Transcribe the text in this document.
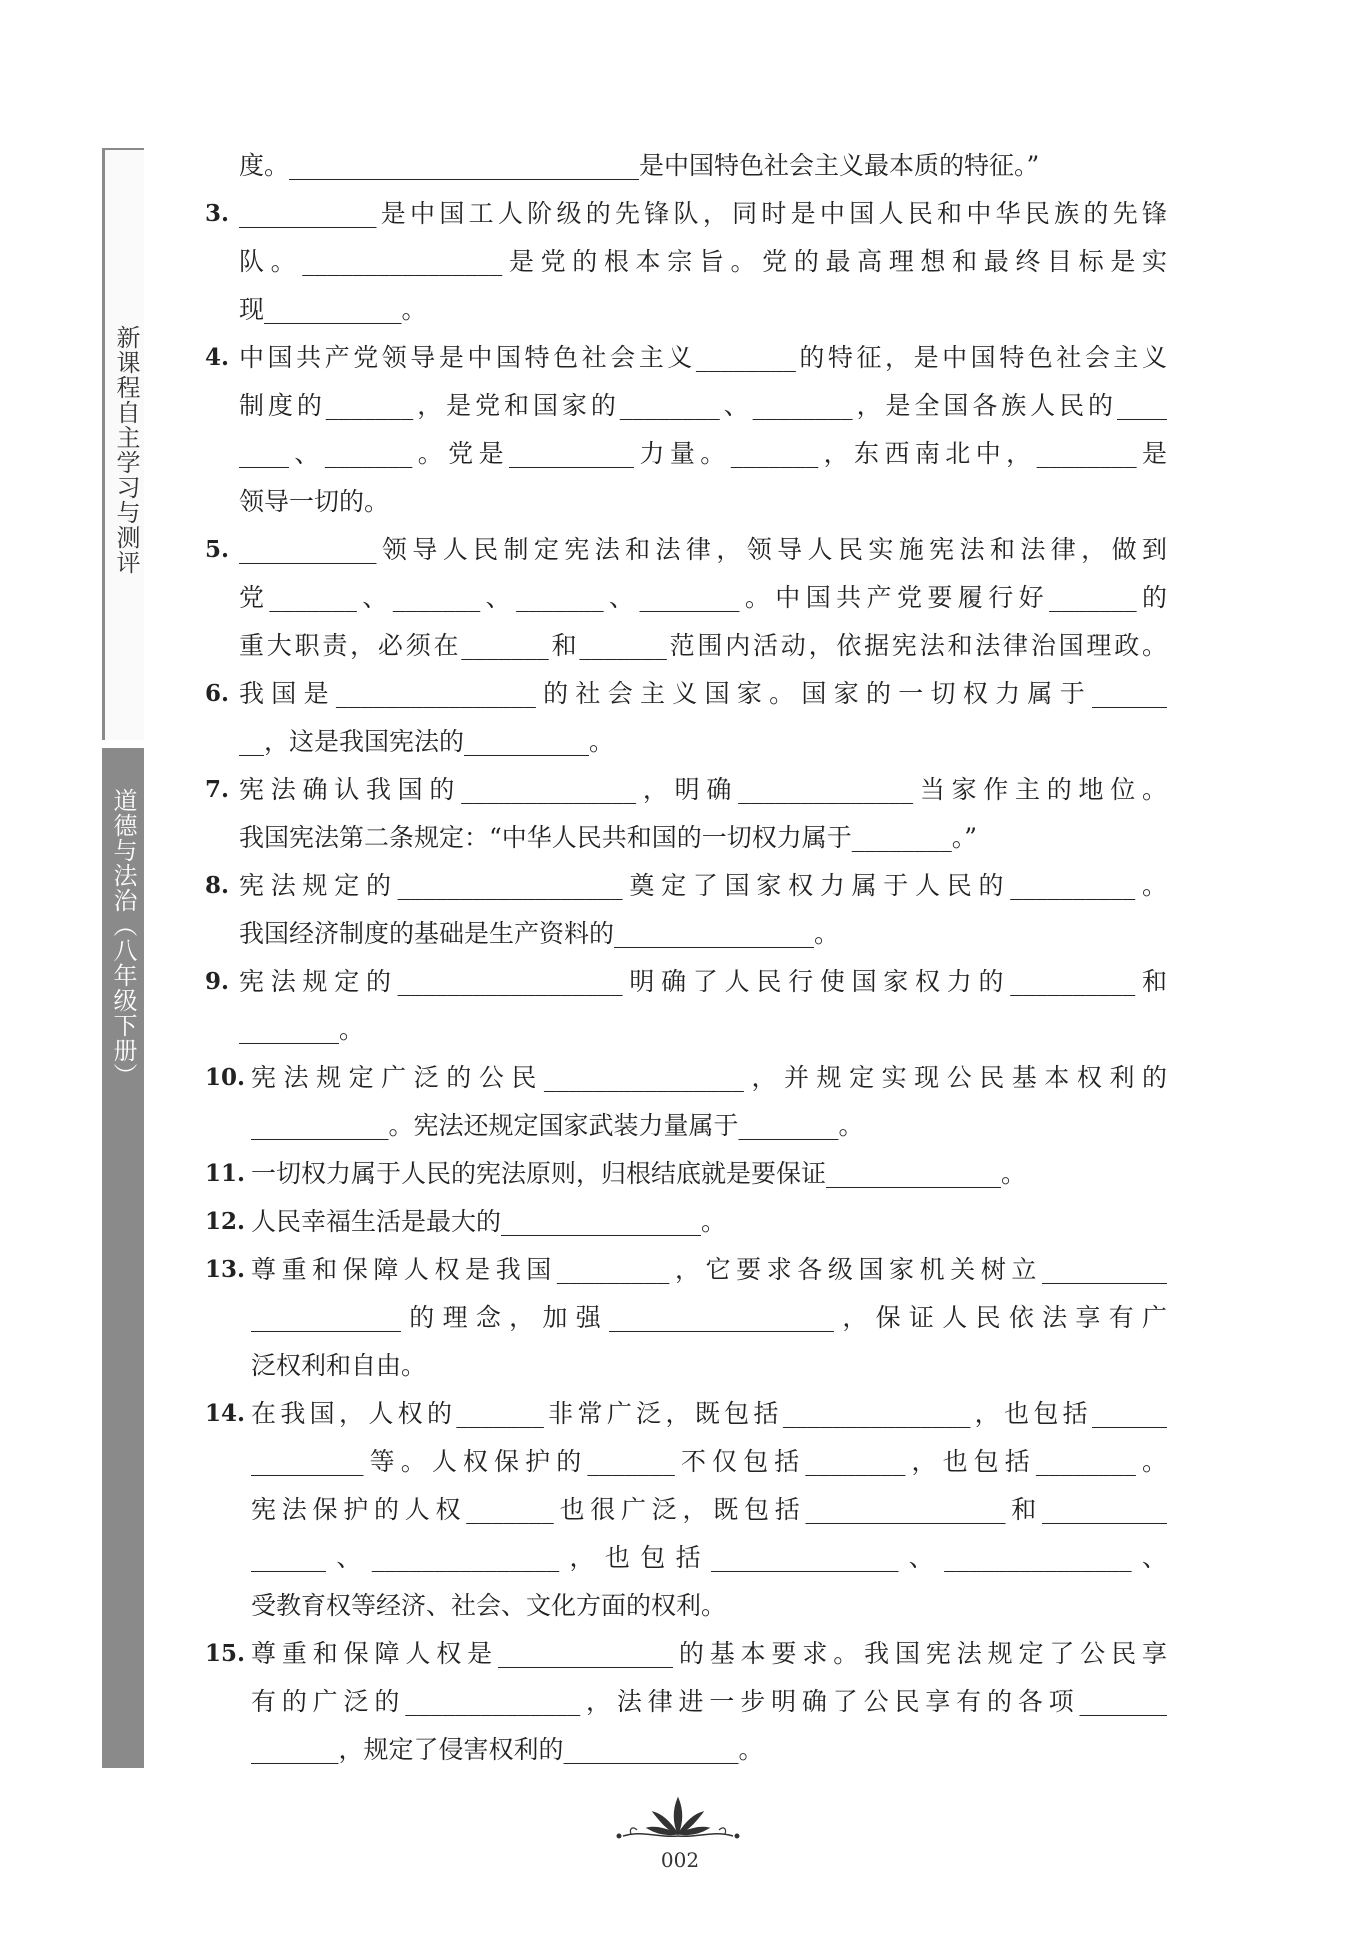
新课程自主学习与测评
道德与法治（八年级下册）
度。____________________________是中国特色社会主义最本质的特征。”
3. ___________是中国工人阶级的先锋队，同时是中国人民和中华民族的先锋
队。________________是党的根本宗旨。党的最高理想和最终目标是实
现___________。
4. 中国共产党领导是中国特色社会主义________的特征，是中国特色社会主义
制度的_______，是党和国家的________、________，是全国各族人民的____
____、_______。党是__________力量。_______，东西南北中，________是
领导一切的。
5. ___________领导人民制定宪法和法律，领导人民实施宪法和法律，做到
党_______、_______、_______、________。中国共产党要履行好_______的
重大职责，必须在_______和_______范围内活动，依据宪法和法律治国理政。
6. 我国是________________的社会主义国家。国家的一切权力属于______
__，这是我国宪法的__________。
7. 宪法确认我国的______________，明确______________当家作主的地位。
我国宪法第二条规定：“中华人民共和国的一切权力属于________。”
8. 宪法规定的__________________奠定了国家权力属于人民的__________。
我国经济制度的基础是生产资料的________________。
9. 宪法规定的__________________明确了人民行使国家权力的__________和
________。
10. 宪法规定广泛的公民________________，并规定实现公民基本权利的
___________。宪法还规定国家武装力量属于________。
11. 一切权力属于人民的宪法原则，归根结底就是要保证______________。
12. 人民幸福生活是最大的________________。
13. 尊重和保障人权是我国_________，它要求各级国家机关树立__________
____________的理念，加强__________________，保证人民依法享有广
泛权利和自由。
14. 在我国，人权的_______非常广泛，既包括_______________，也包括______
_________等。人权保护的_______不仅包括________，也包括________。
宪法保护的人权_______也很广泛，既包括________________和__________
______、_______________，也包括_______________、_______________、
受教育权等经济、社会、文化方面的权利。
15. 尊重和保障人权是______________的基本要求。我国宪法规定了公民享
有的广泛的______________，法律进一步明确了公民享有的各项_______
_______，规定了侵害权利的______________。
002
